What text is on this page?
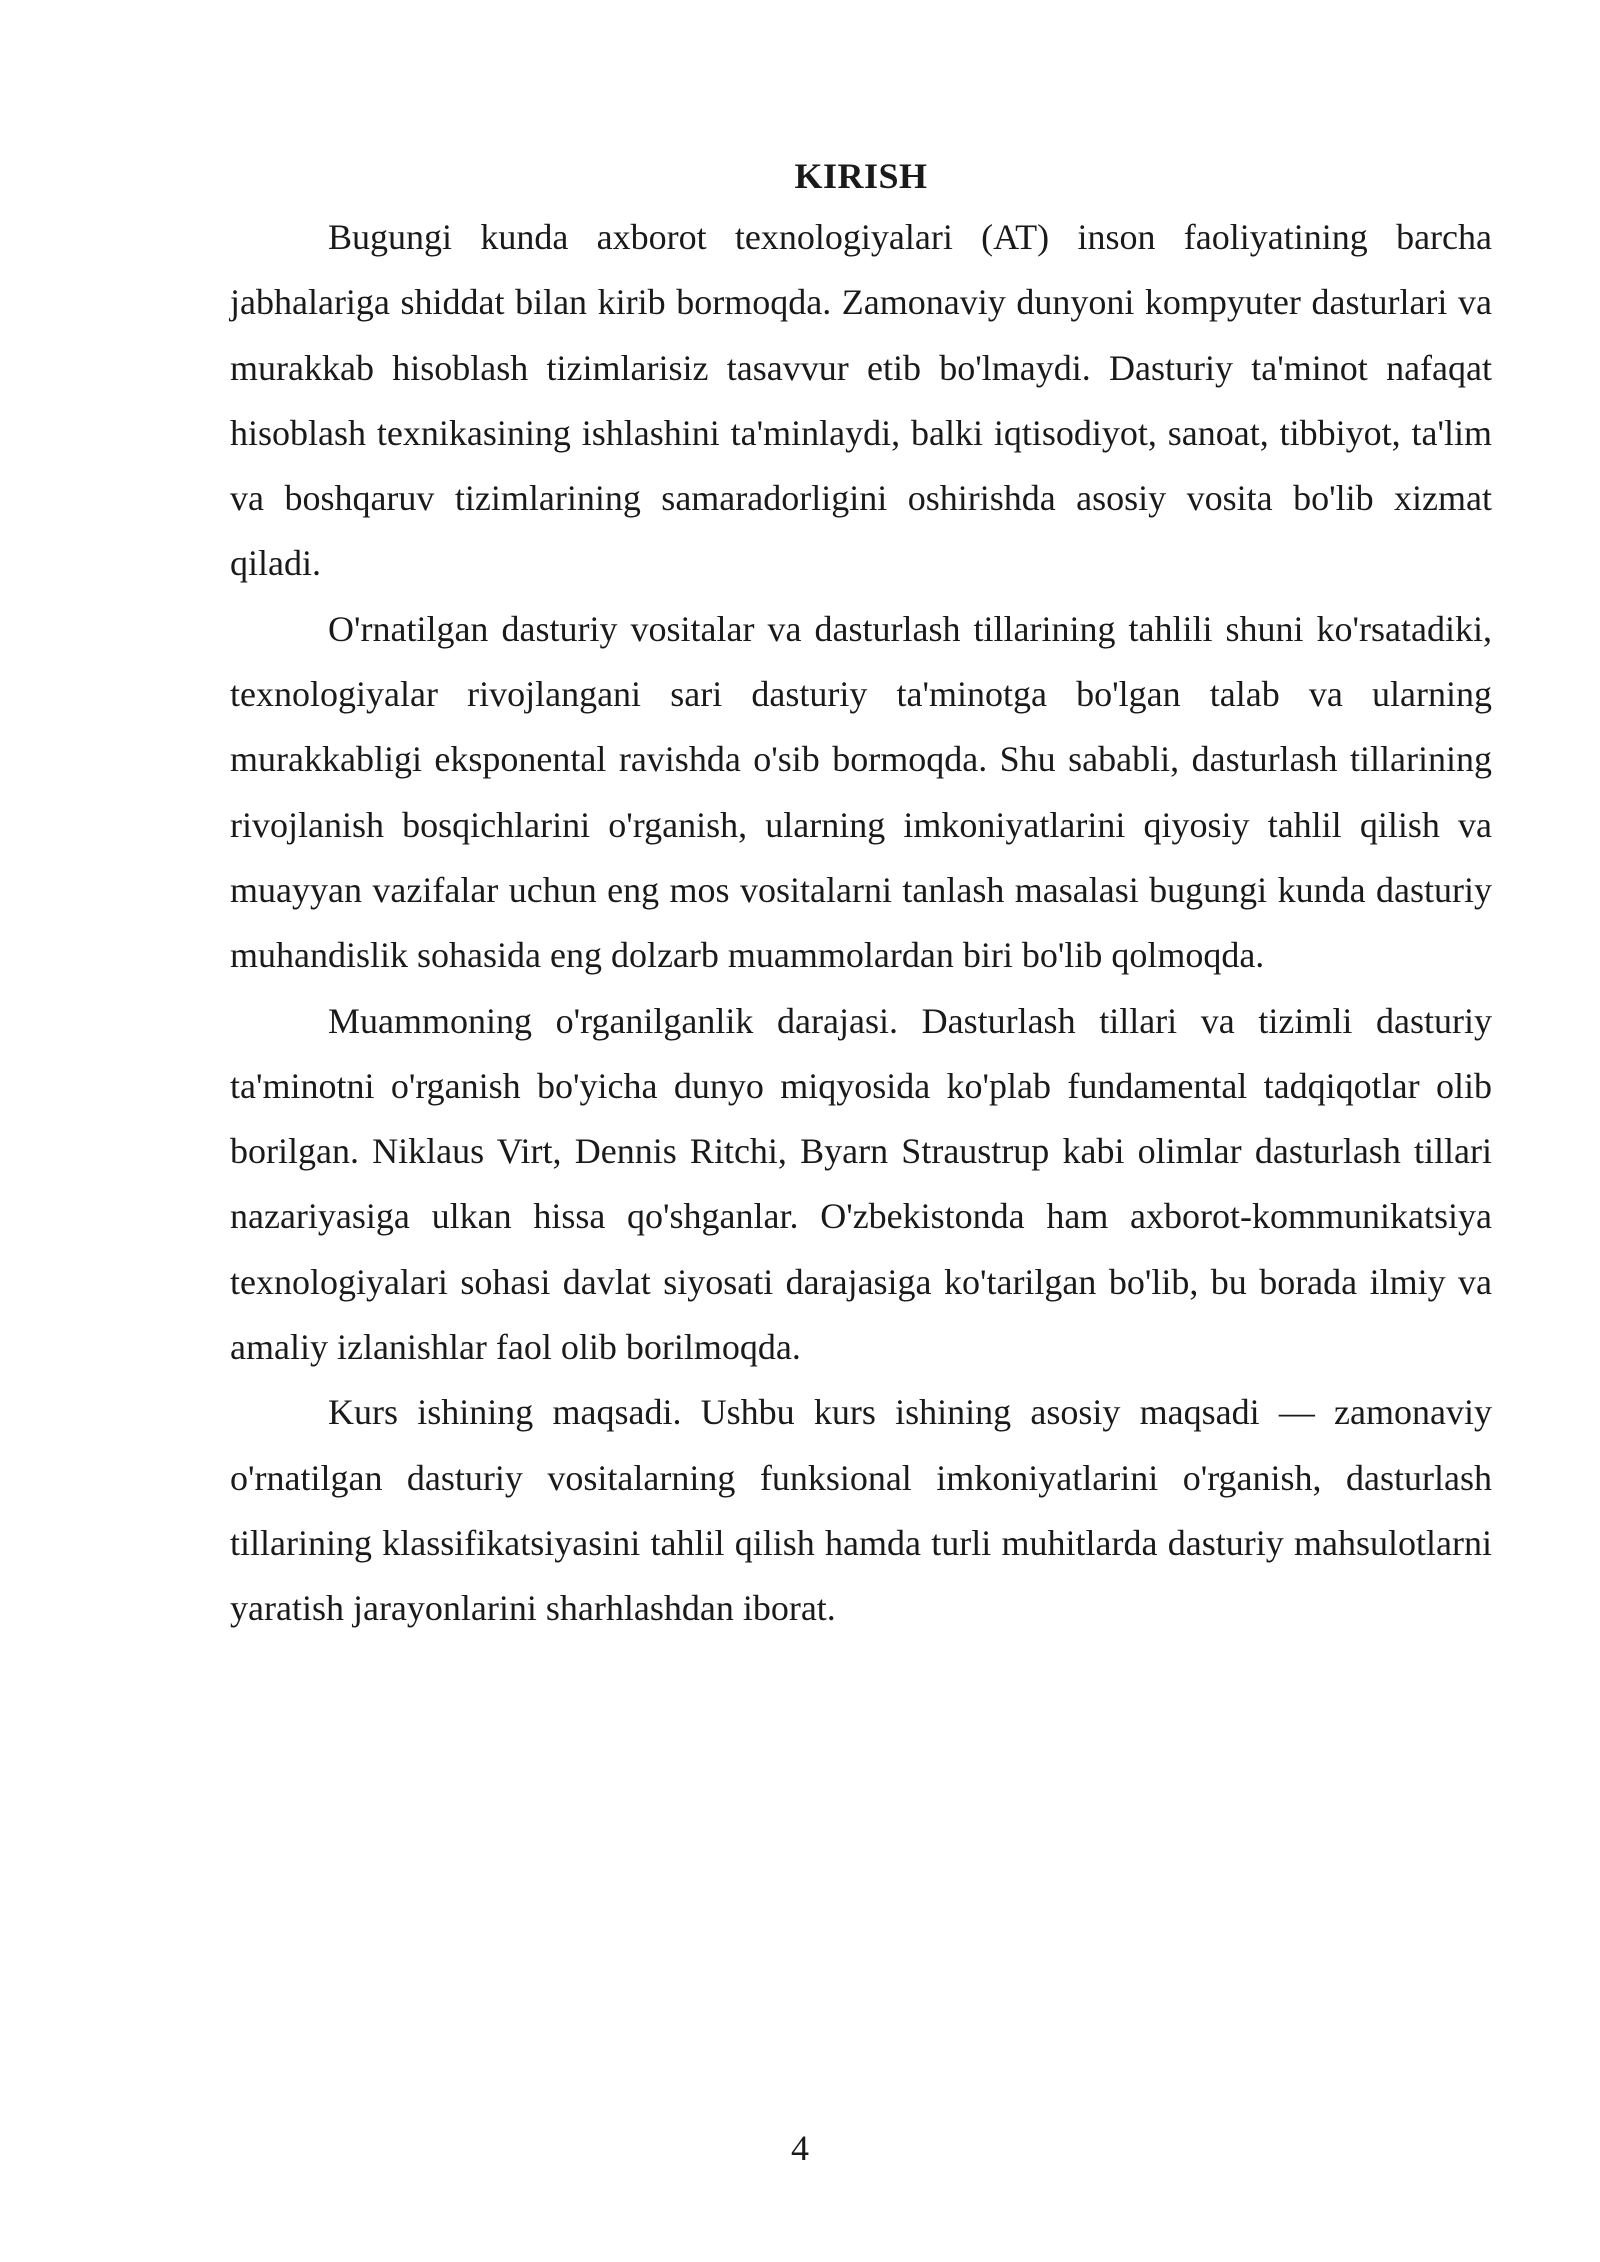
KIRISH

Bugungi kunda axborot texnologiyalari (AT) inson faoliyatining barcha jabhalariga shiddat bilan kirib bormoqda. Zamonaviy dunyoni kompyuter dasturlari va murakkab hisoblash tizimlarisiz tasavvur etib bo'lmaydi. Dasturiy ta'minot nafaqat hisoblash texnikasining ishlashini ta'minlaydi, balki iqtisodiyot, sanoat, tibbiyot, ta'lim va boshqaruv tizimlarining samaradorligini oshirishda asosiy vosita bo'lib xizmat qiladi.

O'rnatilgan dasturiy vositalar va dasturlash tillarining tahlili shuni ko'rsatadiki, texnologiyalar rivojlangani sari dasturiy ta'minotga bo'lgan talab va ularning murakkabligi eksponental ravishda o'sib bormoqda. Shu sababli, dasturlash tillarining rivojlanish bosqichlarini o'rganish, ularning imkoniyatlarini qiyosiy tahlil qilish va muayyan vazifalar uchun eng mos vositalarni tanlash masalasi bugungi kunda dasturiy muhandislik sohasida eng dolzarb muammolardan biri bo'lib qolmoqda.

Muammoning o'rganilganlik darajasi. Dasturlash tillari va tizimli dasturiy ta'minotni o'rganish bo'yicha dunyo miqyosida ko'plab fundamental tadqiqotlar olib borilgan. Niklaus Virt, Dennis Ritchi, Byarn Straustrup kabi olimlar dasturlash tillari nazariyasiga ulkan hissa qo'shganlar. O'zbekistonda ham axborot-kommunikatsiya texnologiyalari sohasi davlat siyosati darajasiga ko'tarilgan bo'lib, bu borada ilmiy va amaliy izlanishlar faol olib borilmoqda.

Kurs ishining maqsadi. Ushbu kurs ishining asosiy maqsadi — zamonaviy o'rnatilgan dasturiy vositalarning funksional imkoniyatlarini o'rganish, dasturlash tillarining klassifikatsiyasini tahlil qilish hamda turli muhitlarda dasturiy mahsulotlarni yaratish jarayonlarini sharhlashdan iborat.

4
